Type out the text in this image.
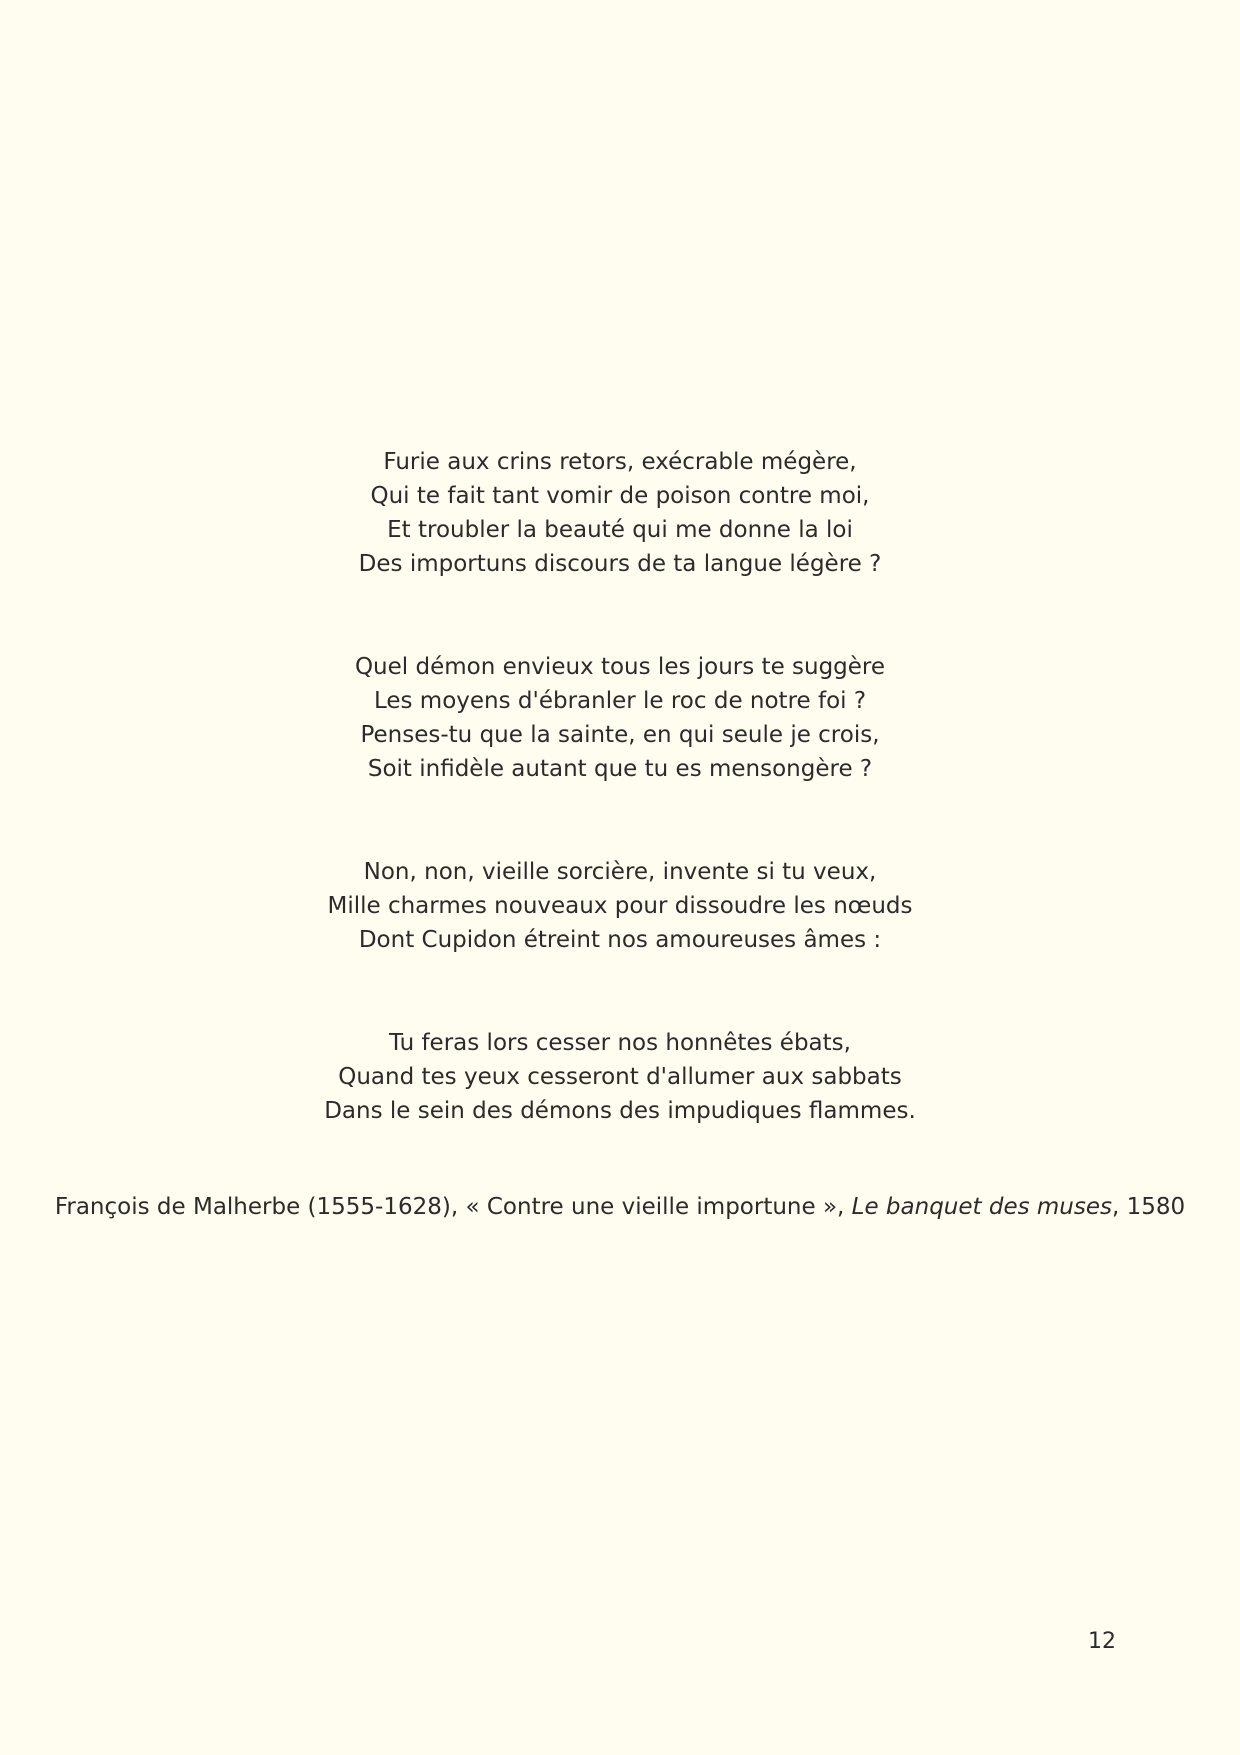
Furie aux crins retors, exécrable mégère,
Qui te fait tant vomir de poison contre moi,
Et troubler la beauté qui me donne la loi
Des importuns discours de ta langue légère ?
Quel démon envieux tous les jours te suggère
Les moyens d'ébranler le roc de notre foi ?
Penses-tu que la sainte, en qui seule je crois,
Soit infidèle autant que tu es mensongère ?
Non, non, vieille sorcière, invente si tu veux,
Mille charmes nouveaux pour dissoudre les nœuds
Dont Cupidon étreint nos amoureuses âmes :
Tu feras lors cesser nos honnêtes ébats,
Quand tes yeux cesseront d'allumer aux sabbats
Dans le sein des démons des impudiques flammes.

François de Malherbe (1555-1628), « Contre une vieille importune », Le banquet des muses, 1580

12
